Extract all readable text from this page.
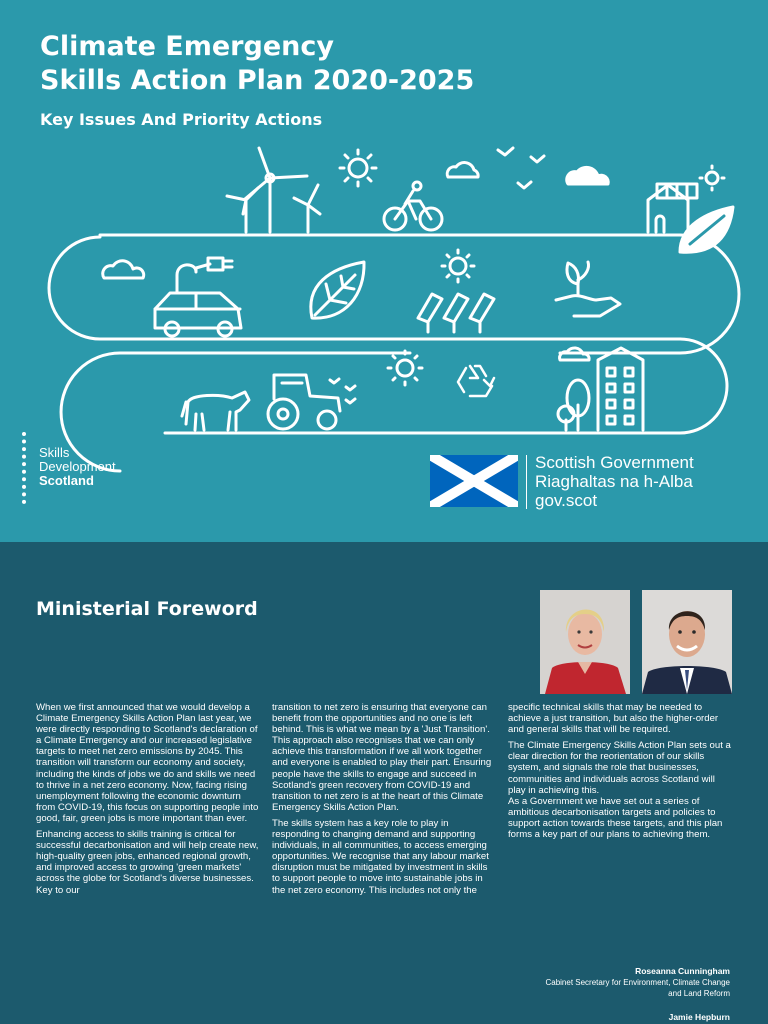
Climate Emergency
Skills Action Plan 2020-2025
Key Issues And Priority Actions
Skills
Development
Scotland
Scottish Government
Riaghaltas na h-Alba
gov.scot
Ministerial Foreword

When we first announced that we would develop a Climate Emergency Skills Action Plan last year, we were directly responding to Scotland's declaration of a Climate Emergency and our increased legislative targets to meet net zero emissions by 2045. This transition will transform our economy and society, including the kinds of jobs we do and skills we need to thrive in a net zero economy. Now, facing rising unemployment following the economic downturn from COVID-19, this focus on supporting people into good, fair, green jobs is more important than ever.

Enhancing access to skills training is critical for successful decarbonisation and will help create new, high-quality green jobs, enhanced regional growth, and improved access to growing 'green markets' across the globe for Scotland's diverse businesses. Key to our

transition to net zero is ensuring that everyone can benefit from the opportunities and no one is left behind. This is what we mean by a 'Just Transition'. This approach also recognises that we can only achieve this transformation if we all work together and everyone is enabled to play their part. Ensuring people have the skills to engage and succeed in Scotland's green recovery from COVID-19 and transition to net zero is at the heart of this Climate Emergency Skills Action Plan.

The skills system has a key role to play in responding to changing demand and supporting individuals, in all communities, to access emerging opportunities. We recognise that any labour market disruption must be mitigated by investment in skills to support people to move into sustainable jobs in the net zero economy. This includes not only the

specific technical skills that may be needed to achieve a just transition, but also the higher-order and general skills that will be required.

The Climate Emergency Skills Action Plan sets out a clear direction for the reorientation of our skills system, and signals the role that businesses, communities and individuals across Scotland will play in achieving this.

As a Government we have set out a series of ambitious decarbonisation targets and policies to support action towards these targets, and this plan forms a key part of our plans to achieving them.

Roseanna Cunningham
Cabinet Secretary for Environment, Climate Change and Land Reform
Jamie Hepburn
